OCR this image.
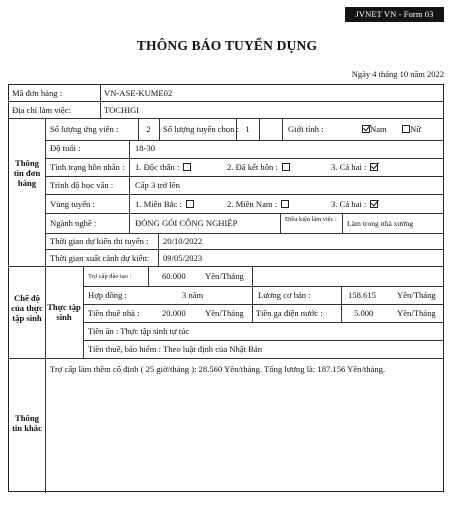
JVNET VN - Form 03
THÔNG BÁO TUYỂN DỤNG
Ngày 4 tháng 10 năm 2022
Mã đơn hàng :	VN-ASE-KUME02
Địa chỉ làm việc:	TOCHIGI
Thông tin đơn hàng
Số lượng ứng viên :	2	Số lượng tuyển chọn : 1	Giới tính :	Nam	Nữ
Độ tuổi :	18-30
Tình trạng hôn nhân : 1. Độc thân :	2. Đã kết hôn :	3. Cả hai :
Trình độ học vấn :	Cấp 3 trở lên
Vùng tuyển :	1. Miền Bắc :	2. Miền Nam :	3. Cả hai :
Ngành nghề :	ĐÓNG GÓI CÔNG NGHIỆP	Điều kiện làm việc : Làm trong nhà xưởng
Thời gian dự kiến thi tuyển : 20/10/2022
Thời gian xuất cảnh dự kiến: 09/05/2023
Chế độ của thực tập sinh
Thực tập sinh
Trợ cấp đào tạo :	60.000 Yên/Tháng
Hợp đồng :	3 năm	Lương cơ bản :	158.615 Yên/Tháng
Tiền thuê nhà :	20.000 Yên/Tháng Tiền ga điện nước :	5.000	Yên/Tháng
Tiền ăn : Thực tập sinh tự túc
Tiền thuế, bảo hiểm : Theo luật định của Nhật Bản
Thông tin khác
Trợ cấp làm thêm cố định ( 25 giờ/tháng ): 28.560 Yên/tháng. Tổng lương là: 187.156 Yên/tháng.
